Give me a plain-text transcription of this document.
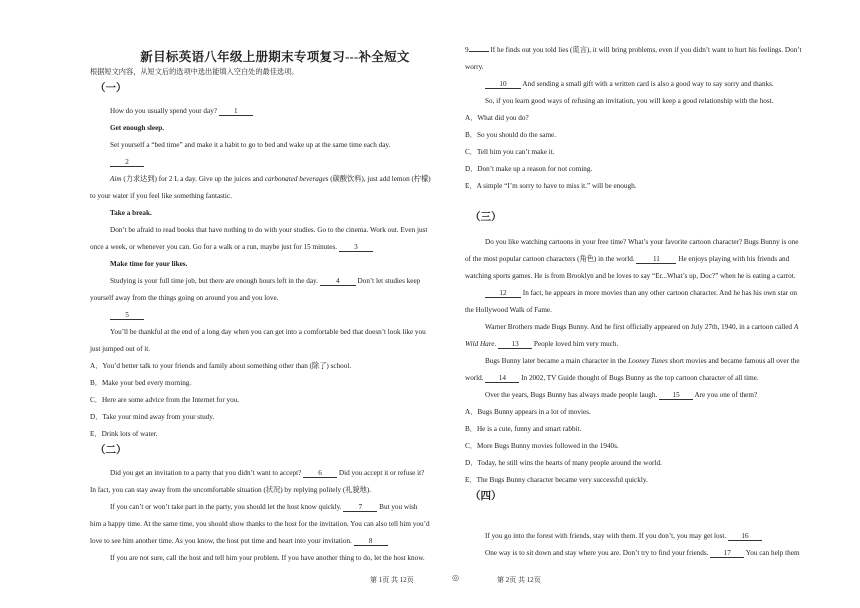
新目标英语八年级上册期末专项复习---补全短文
根据短文内容，从短文后的选项中选出能填入空白处的最佳选项。
（一）
How do you usually spend your day? 1
Get enough sleep.
Set yourself a “bed time” and make it a habit to go to bed and wake up at the same time each day.
2
Aim (力求达到) for 2 L a day. Give up the juices and carbonated beverages (碳酸饮料), just add lemon (柠檬)
to your water if you feel like something fantastic.
Take a break.
Don’t be afraid to read books that have nothing to do with your studies. Go to the cinema. Work out. Even just
once a week, or whenever you can. Go for a walk or a run, maybe just for 15 minutes. 3
Make time for your likes.
Studying is your full time job, but there are enough hours left in the day.	4	Don’t let studies keep
yourself away from the things going on around you and you love.
5
You’ll be thankful at the end of a long day when you can get into a comfortable bed that doesn’t look like you
just jumped out of it.
A．You’d better talk to your friends and family about something other than (除了) school.
B．Make your bed every morning.
C．Here are some advice from the Internet for you.
D．Take your mind away from your study.
E．Drink lots of water.
（二）
Did you get an invitation to a party that you didn’t want to accept? 6 Did you accept it or refuse it?
In fact, you can stay away from the uncomfortable situation (状况) by replying politely (礼貌地).
If you can’t or won’t take part in the party, you should let the host know quickly. 7 But you wish
him a happy time. At the same time, you should show thanks to the host for the invitation. You can also tell him you’d
love to see him another time. As you know, the host put time and heart into your invitation. 8
If you are not sure, call the host and tell him your problem. If you have another thing to do, let the host know.
9	If he finds out you told lies (谎言), it will bring problems, even if you didn’t want to hurt his feelings. Don’t
worry.
10 And sending a small gift with a written card is also a good way to say sorry and thanks.
So, if you learn good ways of refusing an invitation, you will keep a good relationship with the host.
A．What did you do?
B．So you should do the same.
C．Tell him you can’t make it.
D．Don’t make up a reason for not coming.
E．A simple “I’m sorry to have to miss it.” will be enough.
（三）
Do you like watching cartoons in your free time? What’s your favorite cartoon character? Bugs Bunny is one
of the most popular cartoon characters (角色) in the world.	11	He enjoys playing with his friends and
watching sports games. He is from Brooklyn and he loves to say “Er...What’s up, Doc?” when he is eating a carrot.
12 In fact, he appears in more movies than any other cartoon character. And he has his own star on
the Hollywood Walk of Fame.
Warner Brothers made Bugs Bunny. And he first officially appeared on July 27th, 1940, in a cartoon called A
Wild Hare. 13 People loved him very much.
Bugs Bunny later became a main character in the Looney Tunes short movies and became famous all over the
world. 14 In 2002, TV Guide thought of Bugs Bunny as the top cartoon character of all time.
Over the years, Bugs Bunny has always made people laugh. 15 Are you one of them?
A．Bugs Bunny appears in a lot of movies.
B．He is a cute, funny and smart rabbit.
C．More Bugs Bunny movies followed in the 1940s.
D．Today, he still wins the hearts of many people around the world.
E．The Bugs Bunny character became very successful quickly.
（四）
If you go into the forest with friends, stay with them. If you don’t, you may get lost. 16
One way is to sit down and stay where you are. Don’t try to find your friends. 17 You can help them
第 1页 共 12页	◎	第 2页 共 12页
